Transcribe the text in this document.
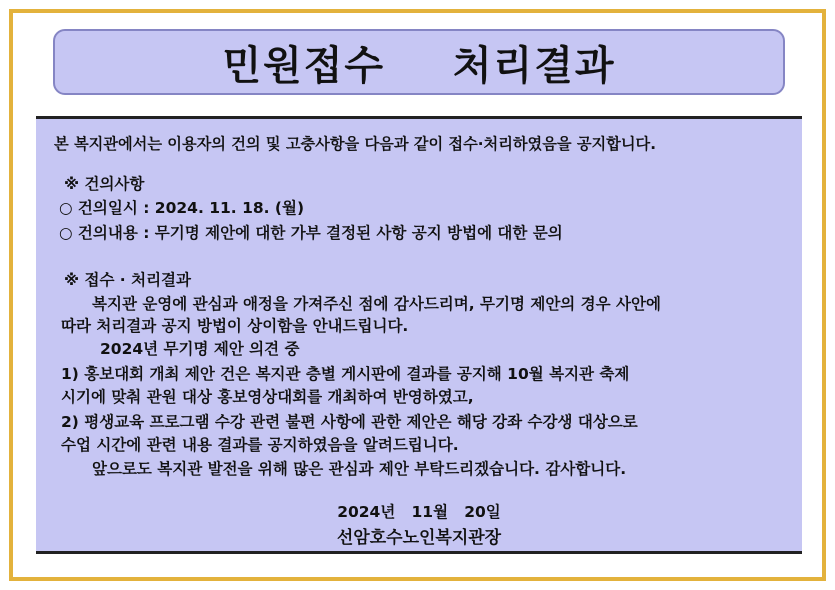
민원접수  처리결과
본 복지관에서는 이용자의 건의 및 고충사항을 다음과 같이 접수·처리하였음을 공지합니다.
※ 건의사항
○ 건의일시 : 2024. 11. 18. (월)
○ 건의내용 : 무기명 제안에 대한 가부 결정된 사항 공지 방법에 대한 문의
※ 접수 · 처리결과
복지관 운영에 관심과 애정을 가져주신 점에 감사드리며, 무기명 제안의 경우 사안에
따라 처리결과 공지 방법이 상이함을 안내드립니다.
2024년 무기명 제안 의견 중
1) 홍보대회 개최 제안 건은 복지관 층별 게시판에 결과를 공지해 10월 복지관 축제
시기에 맞춰 관원 대상 홍보영상대회를 개최하여 반영하였고,
2) 평생교육 프로그램 수강 관련 불편 사항에 관한 제안은 해당 강좌 수강생 대상으로
수업 시간에 관련 내용 결과를 공지하였음을 알려드립니다.
앞으로도 복지관 발전을 위해 많은 관심과 제안 부탁드리겠습니다. 감사합니다.
2024년   11월   20일
선암호수노인복지관장
